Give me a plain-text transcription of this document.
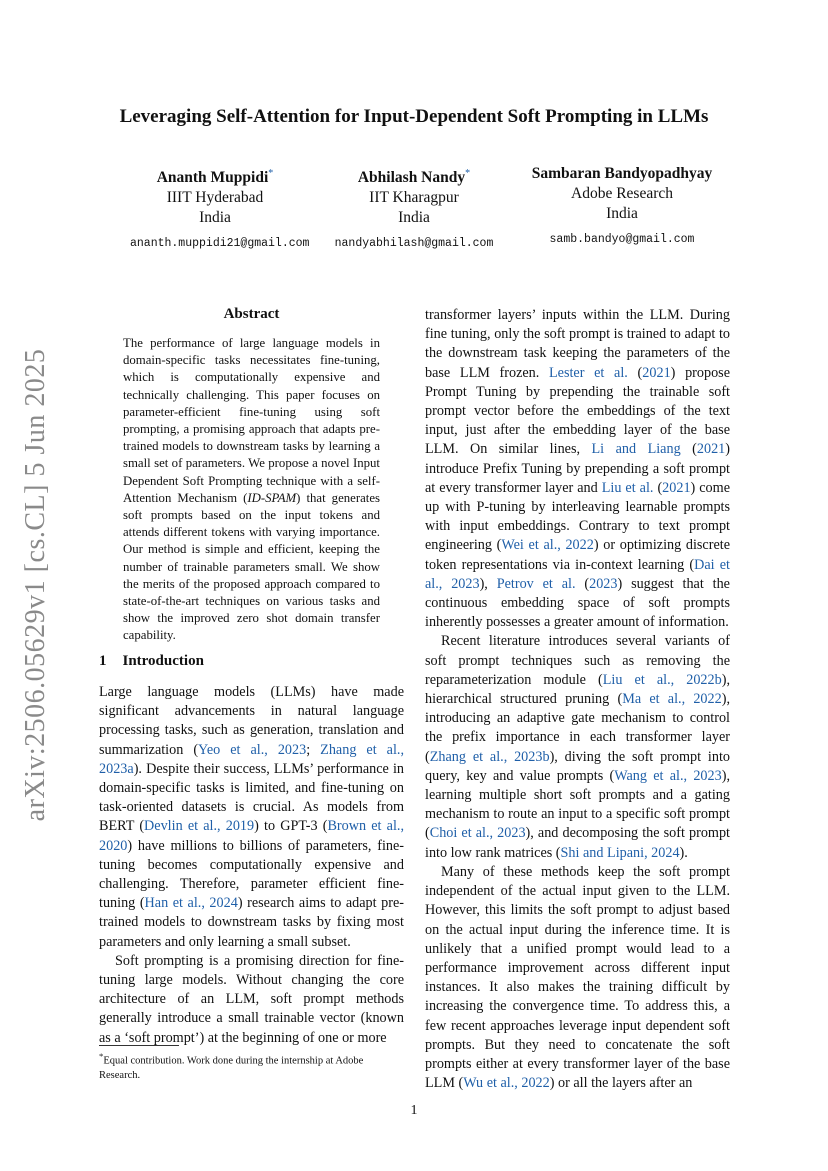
arXiv:2506.05629v1 [cs.CL] 5 Jun 2025
Leveraging Self-Attention for Input-Dependent Soft Prompting in LLMs
Ananth Muppidi*
IIIT Hyderabad
India
ananth.muppidi21@gmail.com
Abhilash Nandy*
IIT Kharagpur
India
nandyabhilash@gmail.com
Sambaran Bandyopadhyay
Adobe Research
India
samb.bandyo@gmail.com
Abstract
The performance of large language models in domain-specific tasks necessitates fine-tuning, which is computationally expensive and technically challenging. This paper focuses on parameter-efficient fine-tuning using soft prompting, a promising approach that adapts pre-trained models to downstream tasks by learning a small set of parameters. We propose a novel Input Dependent Soft Prompting technique with a self-Attention Mechanism (ID-SPAM) that generates soft prompts based on the input tokens and attends different tokens with varying importance. Our method is simple and efficient, keeping the number of trainable parameters small. We show the merits of the proposed approach compared to state-of-the-art techniques on various tasks and show the improved zero shot domain transfer capability.
1 Introduction

Large language models (LLMs) have made significant advancements in natural language processing tasks, such as generation, translation and summarization (Yeo et al., 2023; Zhang et al., 2023a). Despite their success, LLMs’ performance in domain-specific tasks is limited, and fine-tuning on task-oriented datasets is crucial. As models from BERT (Devlin et al., 2019) to GPT-3 (Brown et al., 2020) have millions to billions of parameters, fine-tuning becomes computationally expensive and challenging. Therefore, parameter efficient fine-tuning (Han et al., 2024) research aims to adapt pre-trained models to downstream tasks by fixing most parameters and only learning a small subset.

Soft prompting is a promising direction for fine-tuning large models. Without changing the core architecture of an LLM, soft prompt methods generally introduce a small trainable vector (known as a ‘soft prompt’) at the beginning of one or more

transformer layers’ inputs within the LLM. During fine tuning, only the soft prompt is trained to adapt to the downstream task keeping the parameters of the base LLM frozen. Lester et al. (2021) propose Prompt Tuning by prepending the trainable soft prompt vector before the embeddings of the text input, just after the embedding layer of the base LLM. On similar lines, Li and Liang (2021) introduce Prefix Tuning by prepending a soft prompt at every transformer layer and Liu et al. (2021) come up with P-tuning by interleaving learnable prompts with input embeddings. Contrary to text prompt engineering (Wei et al., 2022) or optimizing discrete token representations via in-context learning (Dai et al., 2023), Petrov et al. (2023) suggest that the continuous embedding space of soft prompts inherently possesses a greater amount of information.

Recent literature introduces several variants of soft prompt techniques such as removing the reparameterization module (Liu et al., 2022b), hierarchical structured pruning (Ma et al., 2022), introducing an adaptive gate mechanism to control the prefix importance in each transformer layer (Zhang et al., 2023b), diving the soft prompt into query, key and value prompts (Wang et al., 2023), learning multiple short soft prompts and a gating mechanism to route an input to a specific soft prompt (Choi et al., 2023), and decomposing the soft prompt into low rank matrices (Shi and Lipani, 2024).

Many of these methods keep the soft prompt independent of the actual input given to the LLM. However, this limits the soft prompt to adjust based on the actual input during the inference time. It is unlikely that a unified prompt would lead to a performance improvement across different input instances. It also makes the training difficult by increasing the convergence time. To address this, a few recent approaches leverage input dependent soft prompts. But they need to concatenate the soft prompts either at every transformer layer of the base LLM (Wu et al., 2022) or all the layers after an

*Equal contribution. Work done during the internship at Adobe Research.
1
